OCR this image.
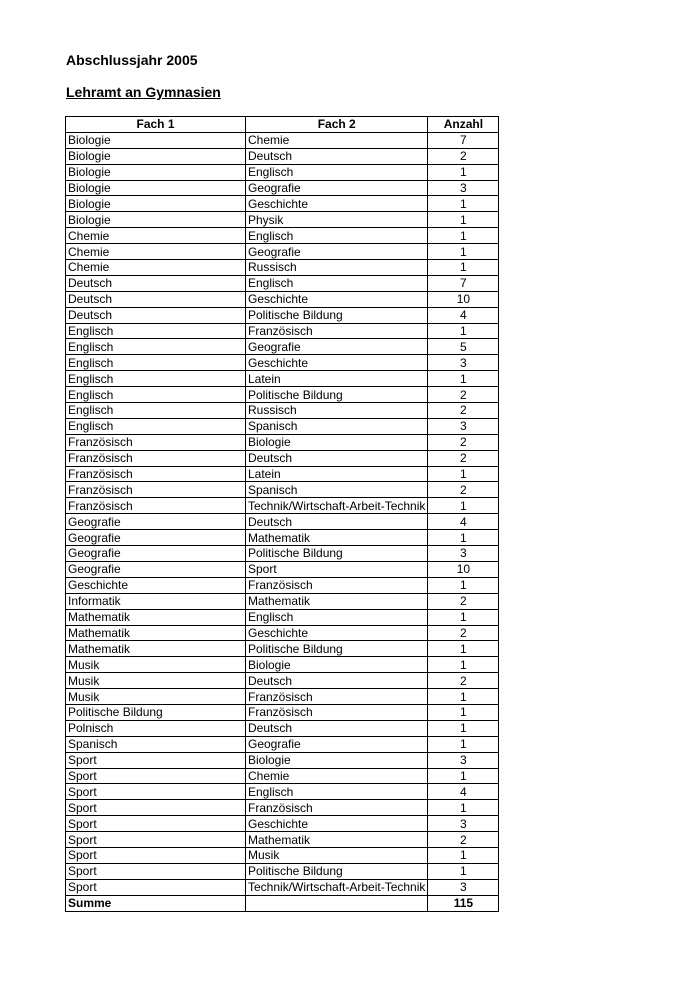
Abschlussjahr 2005
Lehramt an Gymnasien
Fach 1	Fach 2	Anzahl
Biologie	Chemie	7
Biologie	Deutsch	2
Biologie	Englisch	1
Biologie	Geografie	3
Biologie	Geschichte	1
Biologie	Physik	1
Chemie	Englisch	1
Chemie	Geografie	1
Chemie	Russisch	1
Deutsch	Englisch	7
Deutsch	Geschichte	10
Deutsch	Politische Bildung	4
Englisch	Französisch	1
Englisch	Geografie	5
Englisch	Geschichte	3
Englisch	Latein	1
Englisch	Politische Bildung	2
Englisch	Russisch	2
Englisch	Spanisch	3
Französisch	Biologie	2
Französisch	Deutsch	2
Französisch	Latein	1
Französisch	Spanisch	2
Französisch	Technik/Wirtschaft-Arbeit-Technik	1
Geografie	Deutsch	4
Geografie	Mathematik	1
Geografie	Politische Bildung	3
Geografie	Sport	10
Geschichte	Französisch	1
Informatik	Mathematik	2
Mathematik	Englisch	1
Mathematik	Geschichte	2
Mathematik	Politische Bildung	1
Musik	Biologie	1
Musik	Deutsch	2
Musik	Französisch	1
Politische Bildung	Französisch	1
Polnisch	Deutsch	1
Spanisch	Geografie	1
Sport	Biologie	3
Sport	Chemie	1
Sport	Englisch	4
Sport	Französisch	1
Sport	Geschichte	3
Sport	Mathematik	2
Sport	Musik	1
Sport	Politische Bildung	1
Sport	Technik/Wirtschaft-Arbeit-Technik	3
Summe		115
